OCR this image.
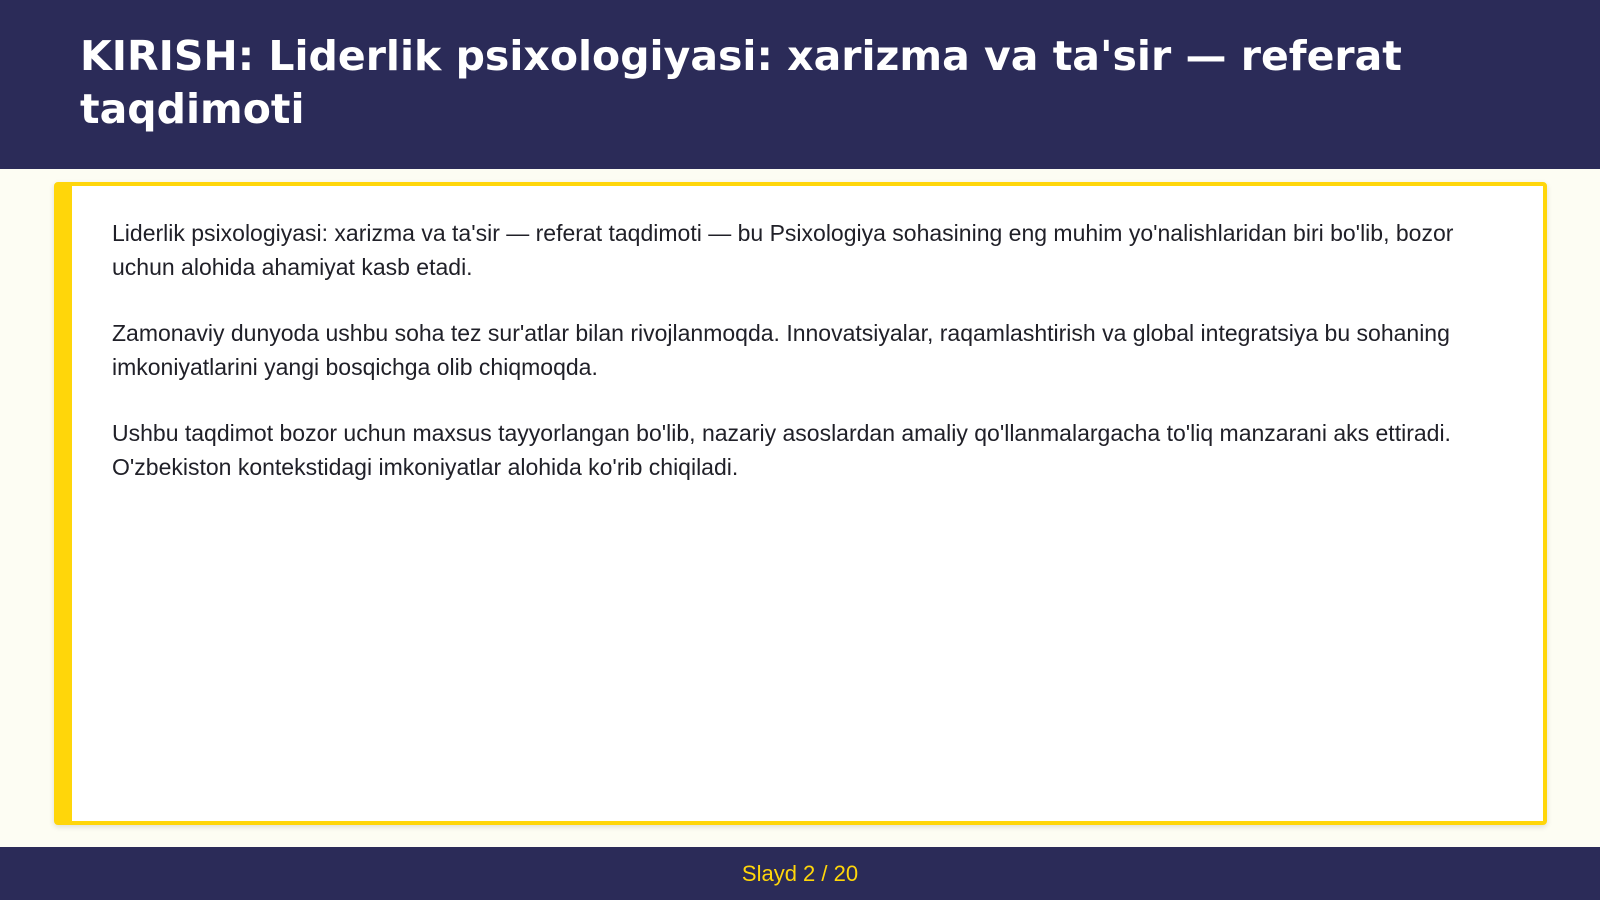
KIRISH: Liderlik psixologiyasi: xarizma va ta'sir — referat taqdimoti

Liderlik psixologiyasi: xarizma va ta'sir — referat taqdimoti — bu Psixologiya sohasining eng muhim yo'nalishlaridan biri bo'lib, bozor uchun alohida ahamiyat kasb etadi.

Zamonaviy dunyoda ushbu soha tez sur'atlar bilan rivojlanmoqda. Innovatsiyalar, raqamlashtirish va global integratsiya bu sohaning imkoniyatlarini yangi bosqichga olib chiqmoqda.

Ushbu taqdimot bozor uchun maxsus tayyorlangan bo'lib, nazariy asoslardan amaliy qo'llanmalargacha to'liq manzarani aks ettiradi. O'zbekiston kontekstidagi imkoniyatlar alohida ko'rib chiqiladi.

Slayd 2 / 20
